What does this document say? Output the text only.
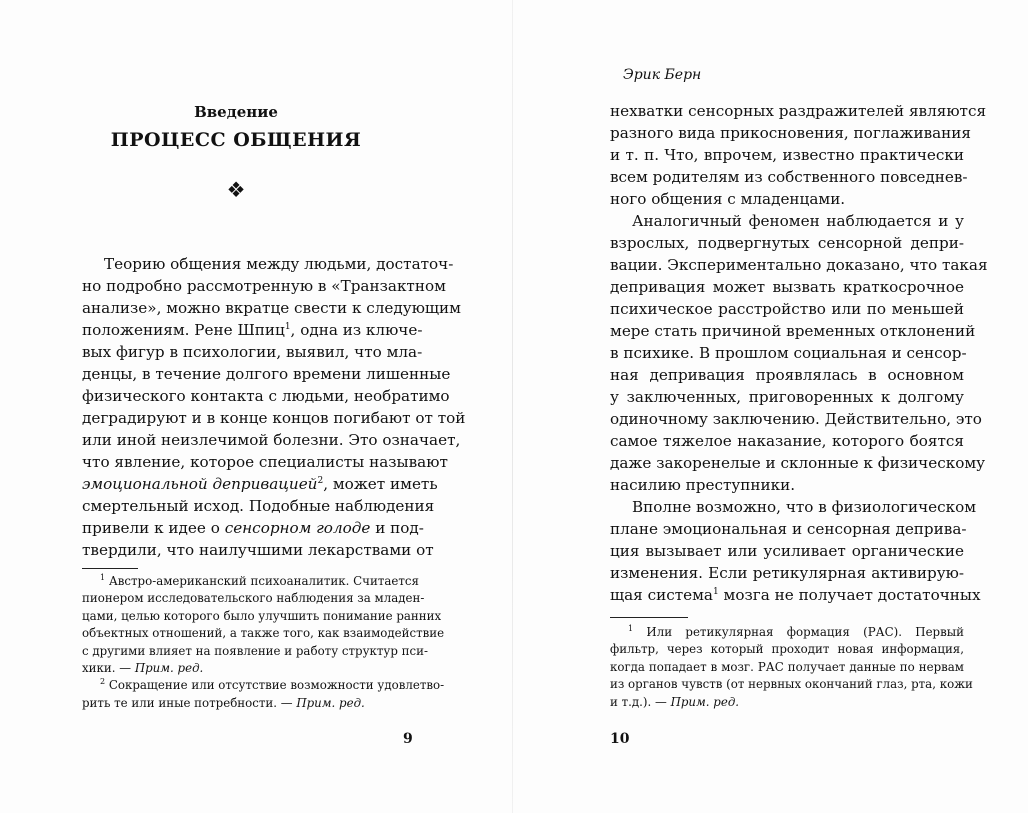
Введение
ПРОЦЕСС ОБЩЕНИЯ
❖
Теорию общения между людьми, достаточ-
но подробно рассмотренную в «Транзактном
анализе», можно вкратце свести к следующим
положениям. Рене Шпиц$^1$, одна из ключе-
вых фигур в психологии, выявил, что мла-
денцы, в течение долгого времени лишенные
физического контакта с людьми, необратимо
деградируют и в конце концов погибают от той
или иной неизлечимой болезни. Это означает,
что явление, которое специалисты называют
эмоциональной депривацией$^2$, может иметь
смертельный исход. Подобные наблюдения
привели к идее о сенсорном голоде и под-
твердили, что наилучшими лекарствами от
$^1$ Австро-американский психоаналитик. Считается
пионером исследовательского наблюдения за младен-
цами, целью которого было улучшить понимание ранних
объектных отношений, а также того, как взаимодействие
с другими влияет на появление и работу структур пси-
хики. — Прим. ред.
$^2$ Сокращение или отсутствие возможности удовлетво-
рить те или иные потребности. — Прим. ред.
9
Эрик Берн
нехватки сенсорных раздражителей являются
разного вида прикосновения, поглаживания
и т. п. Что, впрочем, известно практически
всем родителям из собственного повседнев-
ного общения с младенцами.
Аналогичный феномен наблюдается и у
взрослых, подвергнутых сенсорной депри-
вации. Экспериментально доказано, что такая
депривация может вызвать краткосрочное
психическое расстройство или по меньшей
мере стать причиной временных отклонений
в психике. В прошлом социальная и сенсор-
ная депривация проявлялась в основном
у заключенных, приговоренных к долгому
одиночному заключению. Действительно, это
самое тяжелое наказание, которого боятся
даже закоренелые и склонные к физическому
насилию преступники.
Вполне возможно, что в физиологическом
плане эмоциональная и сенсорная деприва-
ция вызывает или усиливает органические
изменения. Если ретикулярная активирую-
щая система$^1$ мозга не получает достаточных
$^1$ Или ретикулярная формация (РАС). Первый
фильтр, через который проходит новая информация,
когда попадает в мозг. РАС получает данные по нервам
из органов чувств (от нервных окончаний глаз, рта, кожи
и т.д.). — Прим. ред.
10
